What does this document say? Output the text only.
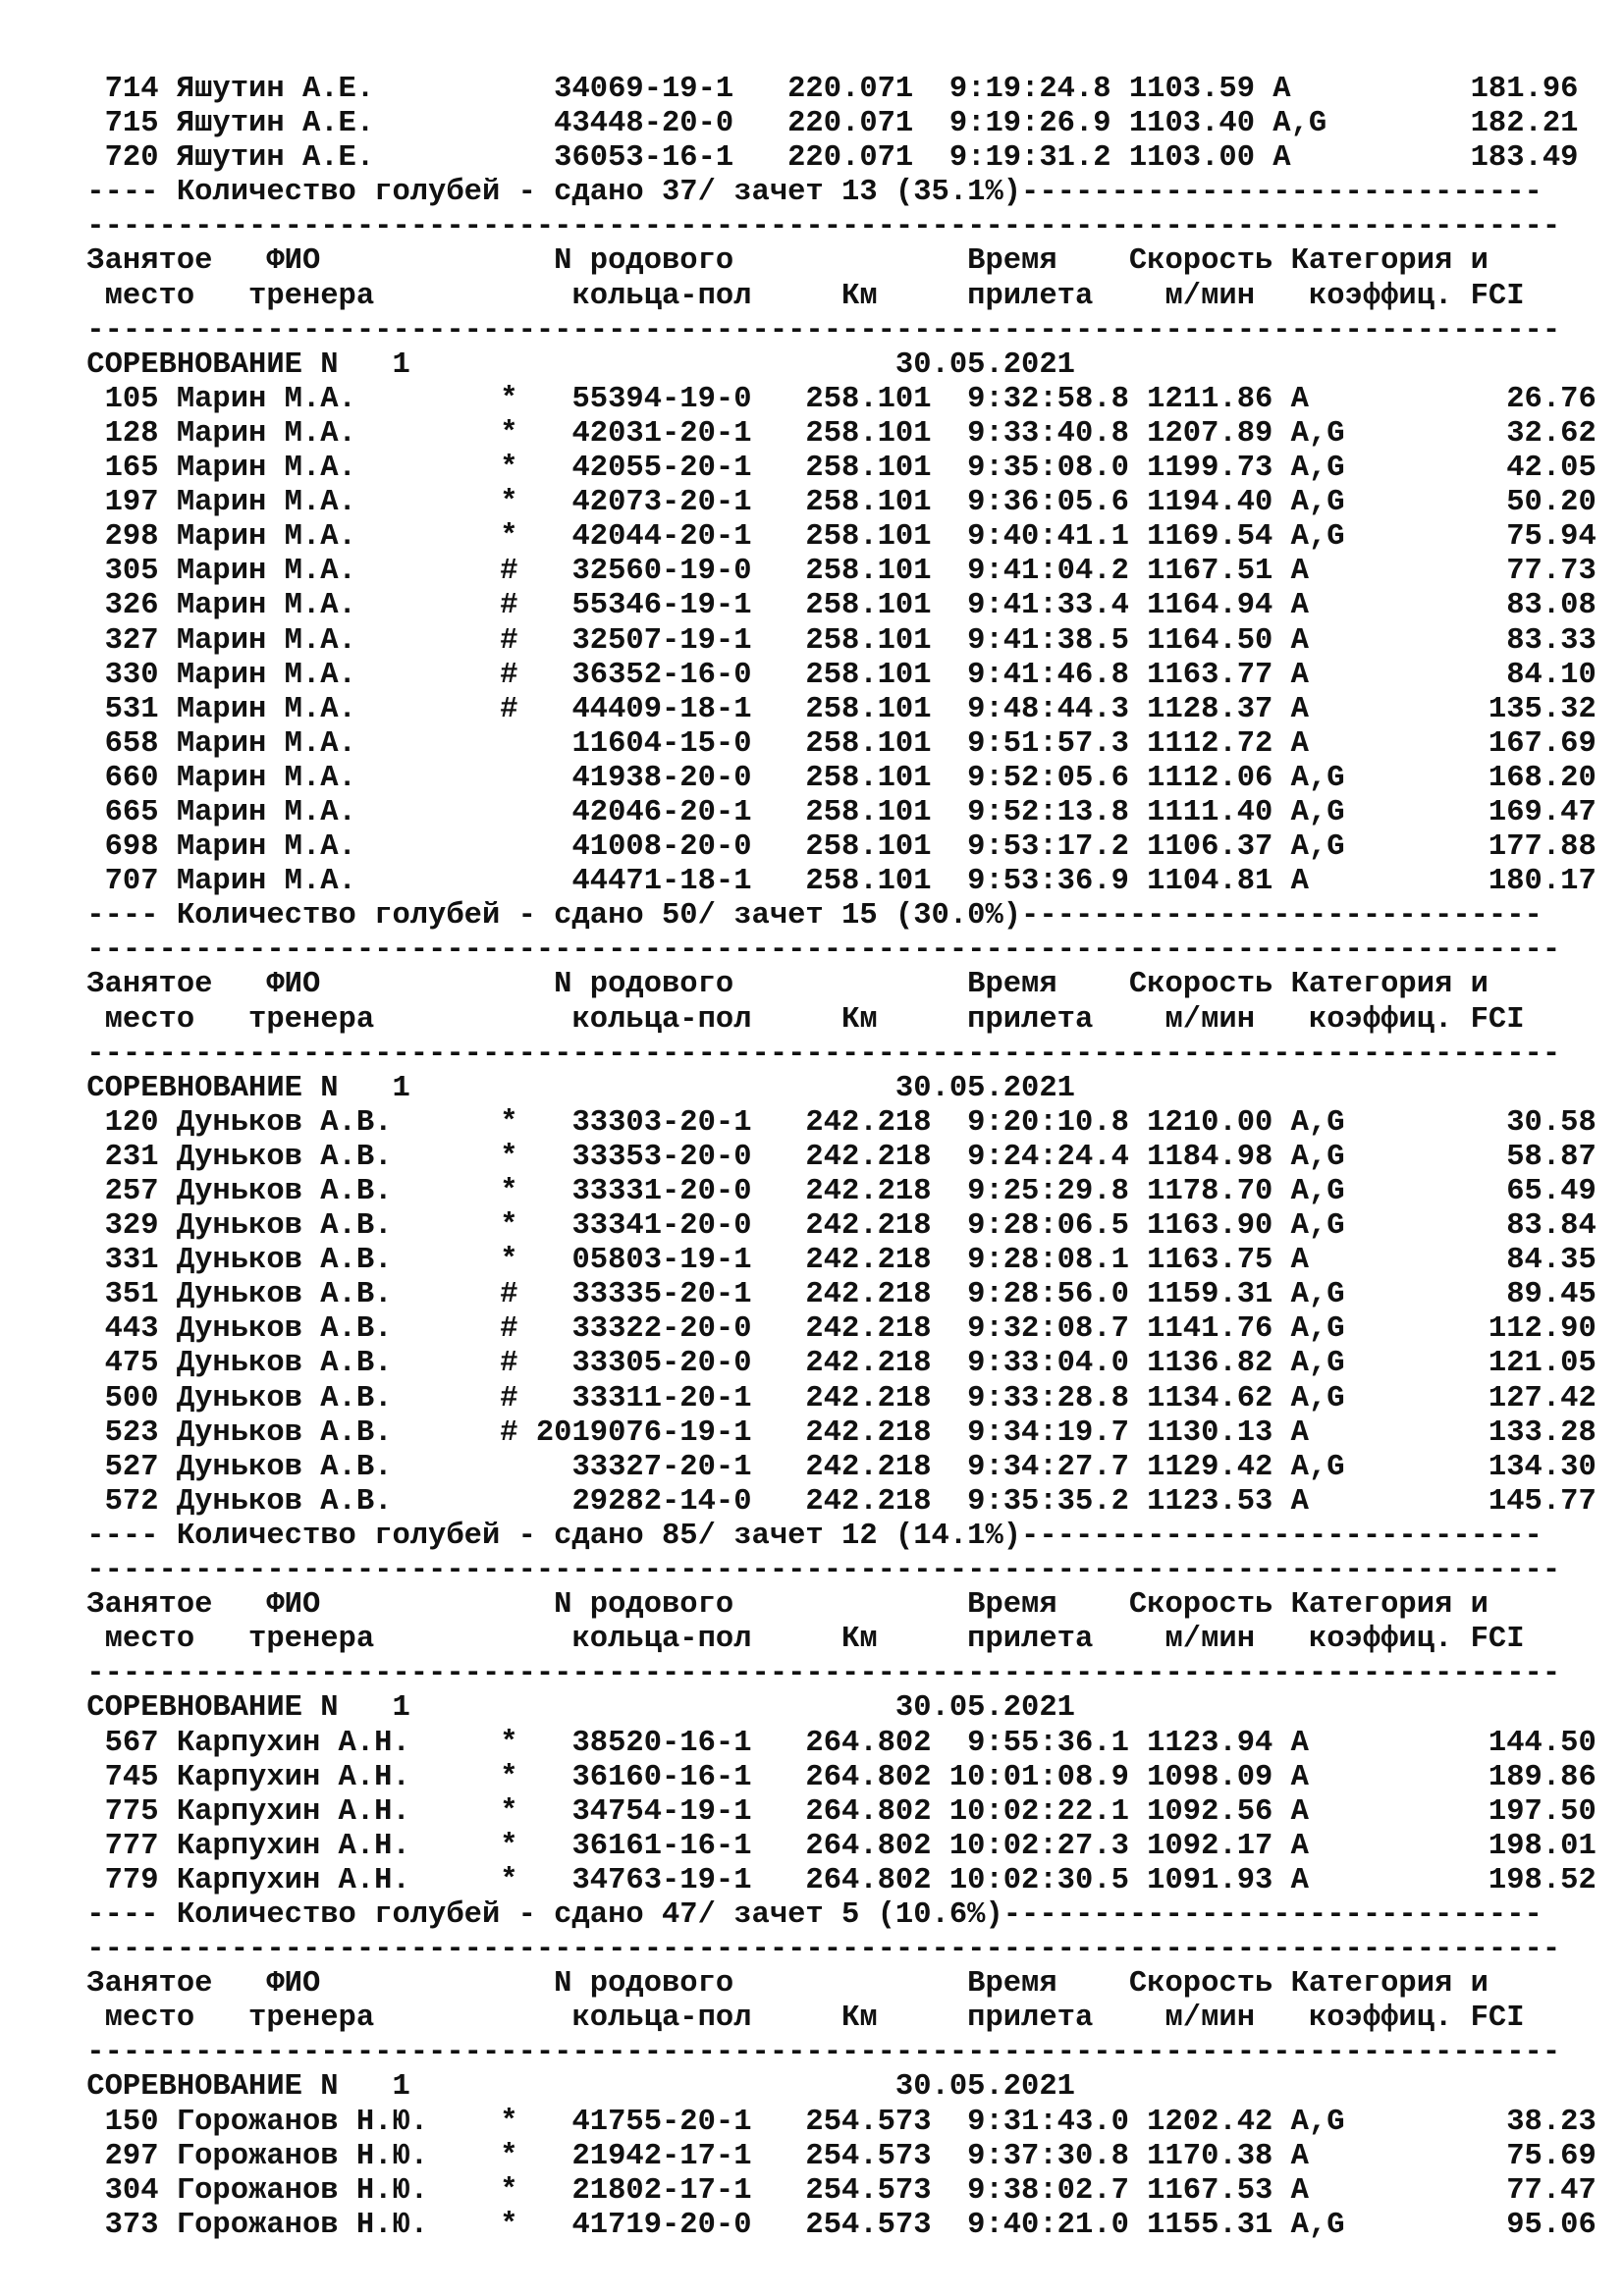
714 Яшутин А.Е.          34069-19-1   220.071  9:19:24.8 1103.59 A          181.96
715 Яшутин А.Е.          43448-20-0   220.071  9:19:26.9 1103.40 A,G        182.21
720 Яшутин А.Е.          36053-16-1   220.071  9:19:31.2 1103.00 A          183.49
---- Количество голубей - сдано 37/ зачет 13 (35.1%)-----------------------------
----------------------------------------------------------------------------------
Занятое   ФИО             N родового             Время    Скорость Категория и
место   тренера           кольца-пол     Км     прилета    м/мин   коэффиц. FCI
----------------------------------------------------------------------------------
СОРЕВНОВАНИЕ N   1                           30.05.2021
105 Марин М.А.        *   55394-19-0   258.101  9:32:58.8 1211.86 A           26.76
128 Марин М.А.        *   42031-20-1   258.101  9:33:40.8 1207.89 A,G         32.62
165 Марин М.А.        *   42055-20-1   258.101  9:35:08.0 1199.73 A,G         42.05
197 Марин М.А.        *   42073-20-1   258.101  9:36:05.6 1194.40 A,G         50.20
298 Марин М.А.        *   42044-20-1   258.101  9:40:41.1 1169.54 A,G         75.94
305 Марин М.А.        #   32560-19-0   258.101  9:41:04.2 1167.51 A           77.73
326 Марин М.А.        #   55346-19-1   258.101  9:41:33.4 1164.94 A           83.08
327 Марин М.А.        #   32507-19-1   258.101  9:41:38.5 1164.50 A           83.33
330 Марин М.А.        #   36352-16-0   258.101  9:41:46.8 1163.77 A           84.10
531 Марин М.А.        #   44409-18-1   258.101  9:48:44.3 1128.37 A          135.32
658 Марин М.А.            11604-15-0   258.101  9:51:57.3 1112.72 A          167.69
660 Марин М.А.            41938-20-0   258.101  9:52:05.6 1112.06 A,G        168.20
665 Марин М.А.            42046-20-1   258.101  9:52:13.8 1111.40 A,G        169.47
698 Марин М.А.            41008-20-0   258.101  9:53:17.2 1106.37 A,G        177.88
707 Марин М.А.            44471-18-1   258.101  9:53:36.9 1104.81 A          180.17
---- Количество голубей - сдано 50/ зачет 15 (30.0%)-----------------------------
----------------------------------------------------------------------------------
Занятое   ФИО             N родового             Время    Скорость Категория и
место   тренера           кольца-пол     Км     прилета    м/мин   коэффиц. FCI
----------------------------------------------------------------------------------
СОРЕВНОВАНИЕ N   1                           30.05.2021
120 Дуньков А.В.      *   33303-20-1   242.218  9:20:10.8 1210.00 A,G         30.58
231 Дуньков А.В.      *   33353-20-0   242.218  9:24:24.4 1184.98 A,G         58.87
257 Дуньков А.В.      *   33331-20-0   242.218  9:25:29.8 1178.70 A,G         65.49
329 Дуньков А.В.      *   33341-20-0   242.218  9:28:06.5 1163.90 A,G         83.84
331 Дуньков А.В.      *   05803-19-1   242.218  9:28:08.1 1163.75 A           84.35
351 Дуньков А.В.      #   33335-20-1   242.218  9:28:56.0 1159.31 A,G         89.45
443 Дуньков А.В.      #   33322-20-0   242.218  9:32:08.7 1141.76 A,G        112.90
475 Дуньков А.В.      #   33305-20-0   242.218  9:33:04.0 1136.82 A,G        121.05
500 Дуньков А.В.      #   33311-20-1   242.218  9:33:28.8 1134.62 A,G        127.42
523 Дуньков А.В.      # 2019076-19-1   242.218  9:34:19.7 1130.13 A          133.28
527 Дуньков А.В.          33327-20-1   242.218  9:34:27.7 1129.42 A,G        134.30
572 Дуньков А.В.          29282-14-0   242.218  9:35:35.2 1123.53 A          145.77
---- Количество голубей - сдано 85/ зачет 12 (14.1%)-----------------------------
----------------------------------------------------------------------------------
Занятое   ФИО             N родового             Время    Скорость Категория и
место   тренера           кольца-пол     Км     прилета    м/мин   коэффиц. FCI
----------------------------------------------------------------------------------
СОРЕВНОВАНИЕ N   1                           30.05.2021
567 Карпухин А.Н.     *   38520-16-1   264.802  9:55:36.1 1123.94 A          144.50
745 Карпухин А.Н.     *   36160-16-1   264.802 10:01:08.9 1098.09 A          189.86
775 Карпухин А.Н.     *   34754-19-1   264.802 10:02:22.1 1092.56 A          197.50
777 Карпухин А.Н.     *   36161-16-1   264.802 10:02:27.3 1092.17 A          198.01
779 Карпухин А.Н.     *   34763-19-1   264.802 10:02:30.5 1091.93 A          198.52
---- Количество голубей - сдано 47/ зачет 5 (10.6%)------------------------------
----------------------------------------------------------------------------------
Занятое   ФИО             N родового             Время    Скорость Категория и
место   тренера           кольца-пол     Км     прилета    м/мин   коэффиц. FCI
----------------------------------------------------------------------------------
СОРЕВНОВАНИЕ N   1                           30.05.2021
150 Горожанов Н.Ю.    *   41755-20-1   254.573  9:31:43.0 1202.42 A,G         38.23
297 Горожанов Н.Ю.    *   21942-17-1   254.573  9:37:30.8 1170.38 A           75.69
304 Горожанов Н.Ю.    *   21802-17-1   254.573  9:38:02.7 1167.53 A           77.47
373 Горожанов Н.Ю.    *   41719-20-0   254.573  9:40:21.0 1155.31 A,G         95.06
